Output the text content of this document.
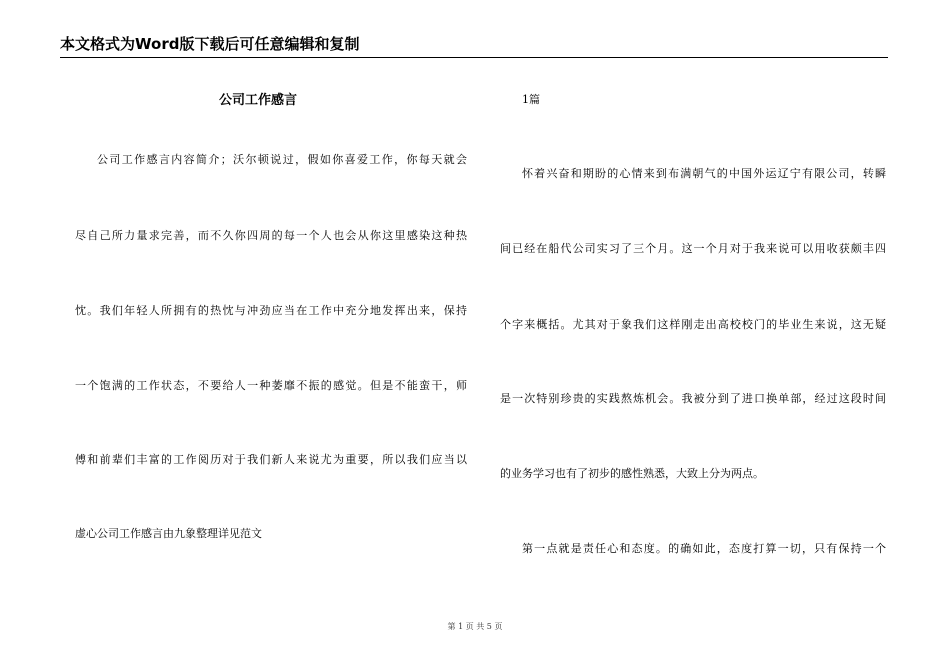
本文格式为Word版下载后可任意编辑和复制
公司工作感言
公司工作感言内容简介；沃尔顿说过，假如你喜爱工作，你每天就会
尽自己所力量求完善，而不久你四周的每一个人也会从你这里感染这种热
忱。我们年轻人所拥有的热忱与冲劲应当在工作中充分地发挥出来，保持
一个饱满的工作状态，不要给人一种萎靡不振的感觉。但是不能蛮干，师
傅和前辈们丰富的工作阅历对于我们新人来说尤为重要，所以我们应当以
虚心公司工作感言由九象整理详见范文
1篇
怀着兴奋和期盼的心情来到布满朝气的中国外运辽宁有限公司，转瞬
间已经在船代公司实习了三个月。这一个月对于我来说可以用收获颇丰四
个字来概括。尤其对于象我们这样刚走出高校校门的毕业生来说，这无疑
是一次特别珍贵的实践熬炼机会。我被分到了进口换单部，经过这段时间
的业务学习也有了初步的感性熟悉，大致上分为两点。
第一点就是责任心和态度。的确如此，态度打算一切，只有保持一个
第 1 页 共 5 页
